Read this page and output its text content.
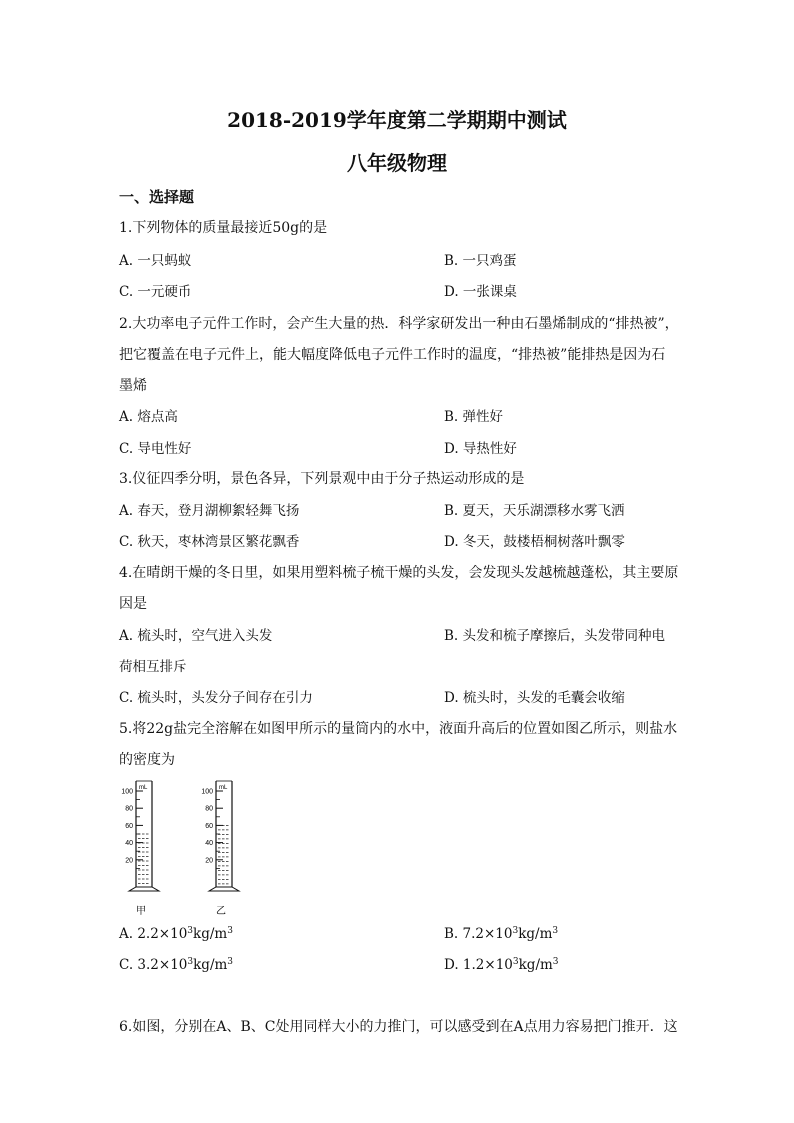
2018-2019学年度第二学期期中测试
八年级物理
一、选择题
1.下列物体的质量最接近50g的是
A. 一只蚂蚁	B. 一只鸡蛋
C. 一元硬币	D. 一张课桌
2.大功率电子元件工作时，会产生大量的热．科学家研发出一种由石墨烯制成的“排热被”，
把它覆盖在电子元件上，能大幅度降低电子元件工作时的温度，“排热被”能排热是因为石
墨烯
A. 熔点高	B. 弹性好
C. 导电性好	D. 导热性好
3.仪征四季分明，景色各异，下列景观中由于分子热运动形成的是
A. 春天，登月湖柳絮轻舞飞扬	B. 夏天，天乐湖漂移水雾飞洒
C. 秋天，枣林湾景区繁花飘香	D. 冬天，鼓楼梧桐树落叶飘零
4.在晴朗干燥的冬日里，如果用塑料梳子梳干燥的头发，会发现头发越梳越蓬松，其主要原
因是
A. 梳头时，空气进入头发	B. 头发和梳子摩擦后，头发带同种电
荷相互排斥
C. 梳头时，头发分子间存在引力	D. 梳头时，头发的毛囊会收缩
5.将22g盐完全溶解在如图甲所示的量筒内的水中，液面升高后的位置如图乙所示，则盐水
的密度为
100
80
60
40
20
mL
100
80
60
40
20
mL
甲	乙
A. $2.2\times 10^3kg/m^3$	B. $7.2\times 10^3kg/m^3$
C. $3.2\times 10^3kg/m^3$	D. $1.2\times 10^3kg/m^3$
6.如图，分别在A、B、C处用同样大小的力推门，可以感受到在A点用力容易把门推开．这
